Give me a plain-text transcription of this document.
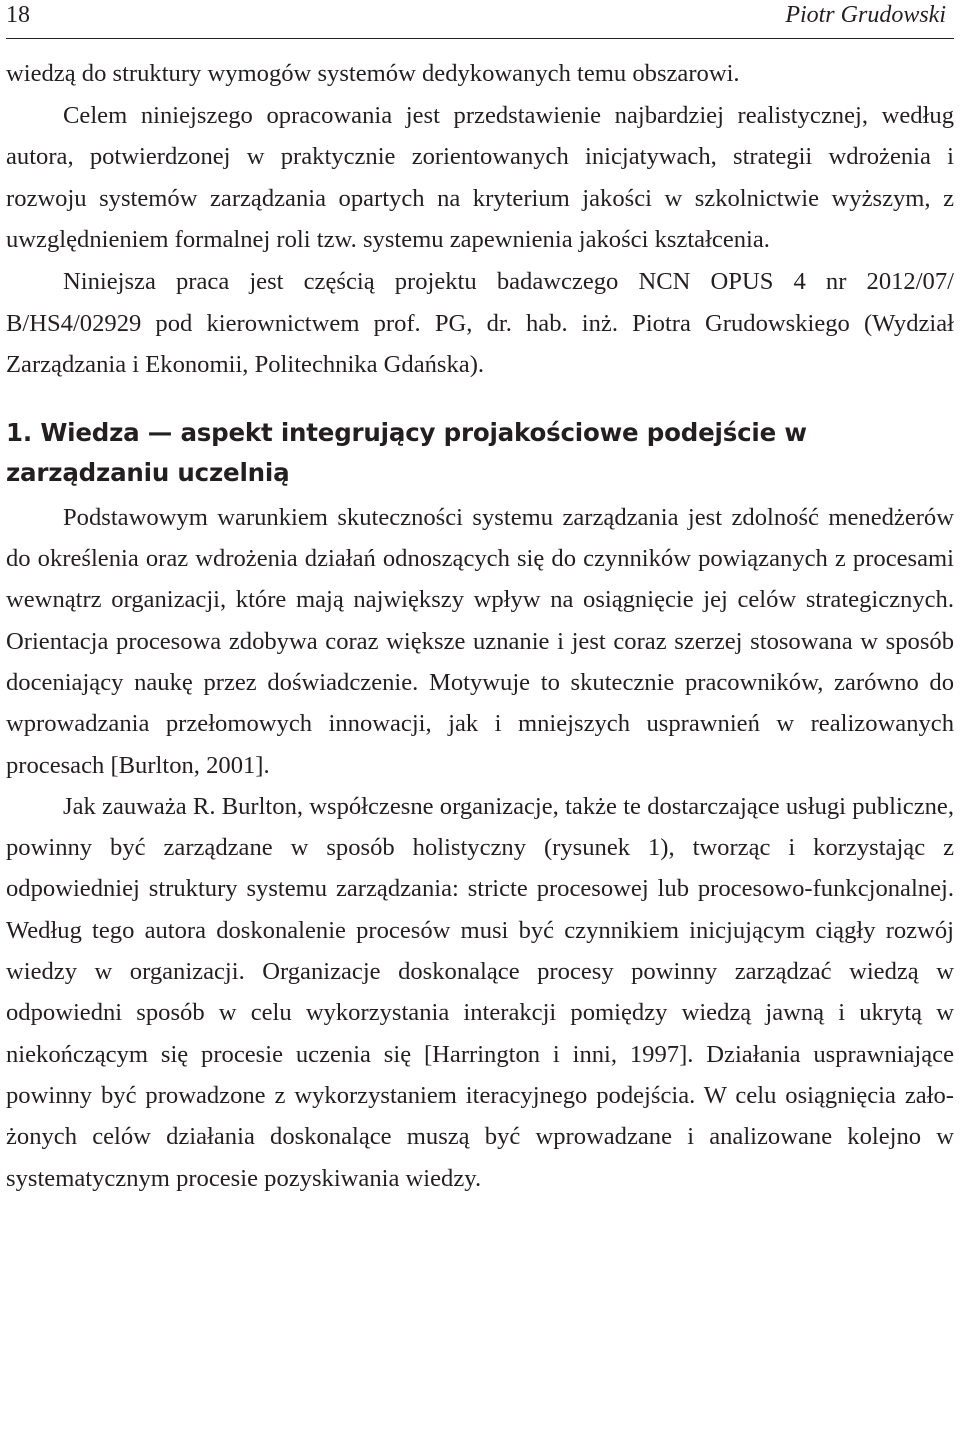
18	Piotr Grudowski

wiedzą do struktury wymogów systemów dedykowanych temu obszarowi.

Celem niniejszego opracowania jest przedstawienie najbardziej realistycznej, według autora, potwierdzonej w praktycznie zorientowanych inicjatywach, strategii wdrożenia i rozwoju systemów zarządzania opartych na kryterium jakości w szkolnictwie wyższym, z uwzględnieniem formalnej roli tzw. systemu zapewnienia jakości kształcenia.

Niniejsza praca jest częścią projektu badawczego NCN OPUS 4 nr 2012/07/ B/HS4/02929 pod kierownictwem prof. PG, dr. hab. inż. Piotra Grudowskiego (Wydział Zarządzania i Ekonomii, Politechnika Gdańska).

1. Wiedza — aspekt integrujący projakościowe podejście w zarządzaniu uczelnią

Podstawowym warunkiem skuteczności systemu zarządzania jest zdolność menedżerów do określenia oraz wdrożenia działań odnoszących się do czynników powiązanych z procesami wewnątrz organizacji, które mają największy wpływ na osiągnięcie jej celów strategicznych. Orientacja procesowa zdobywa coraz większe uznanie i jest coraz szerzej stosowana w sposób doceniający naukę przez doświadczenie. Motywuje to skutecznie pracowników, zarówno do wprowadzania przełomowych innowacji, jak i mniejszych usprawnień w realizowanych procesach [Burlton, 2001].

Jak zauważa R. Burlton, współczesne organizacje, także te dostarczające usługi publiczne, powinny być zarządzane w sposób holistyczny (rysunek 1), tworząc i korzystając z odpowiedniej struktury systemu zarządzania: stricte procesowej lub procesowo-funkcjonalnej. Według tego autora doskonalenie procesów musi być czynnikiem inicjującym ciągły rozwój wiedzy w organizacji. Organizacje doskonalące procesy powinny zarządzać wiedzą w odpowiedni sposób w celu wykorzystania interakcji pomiędzy wiedzą jawną i ukrytą w niekończącym się procesie uczenia się [Harrington i inni, 1997]. Działania usprawniające powinny być prowadzone z wykorzystaniem iteracyjnego podejścia. W celu osiągnięcia założonych celów działania doskonalące muszą być wprowadzane i analizowane kolejno w systematycznym procesie pozyskiwania wiedzy.
